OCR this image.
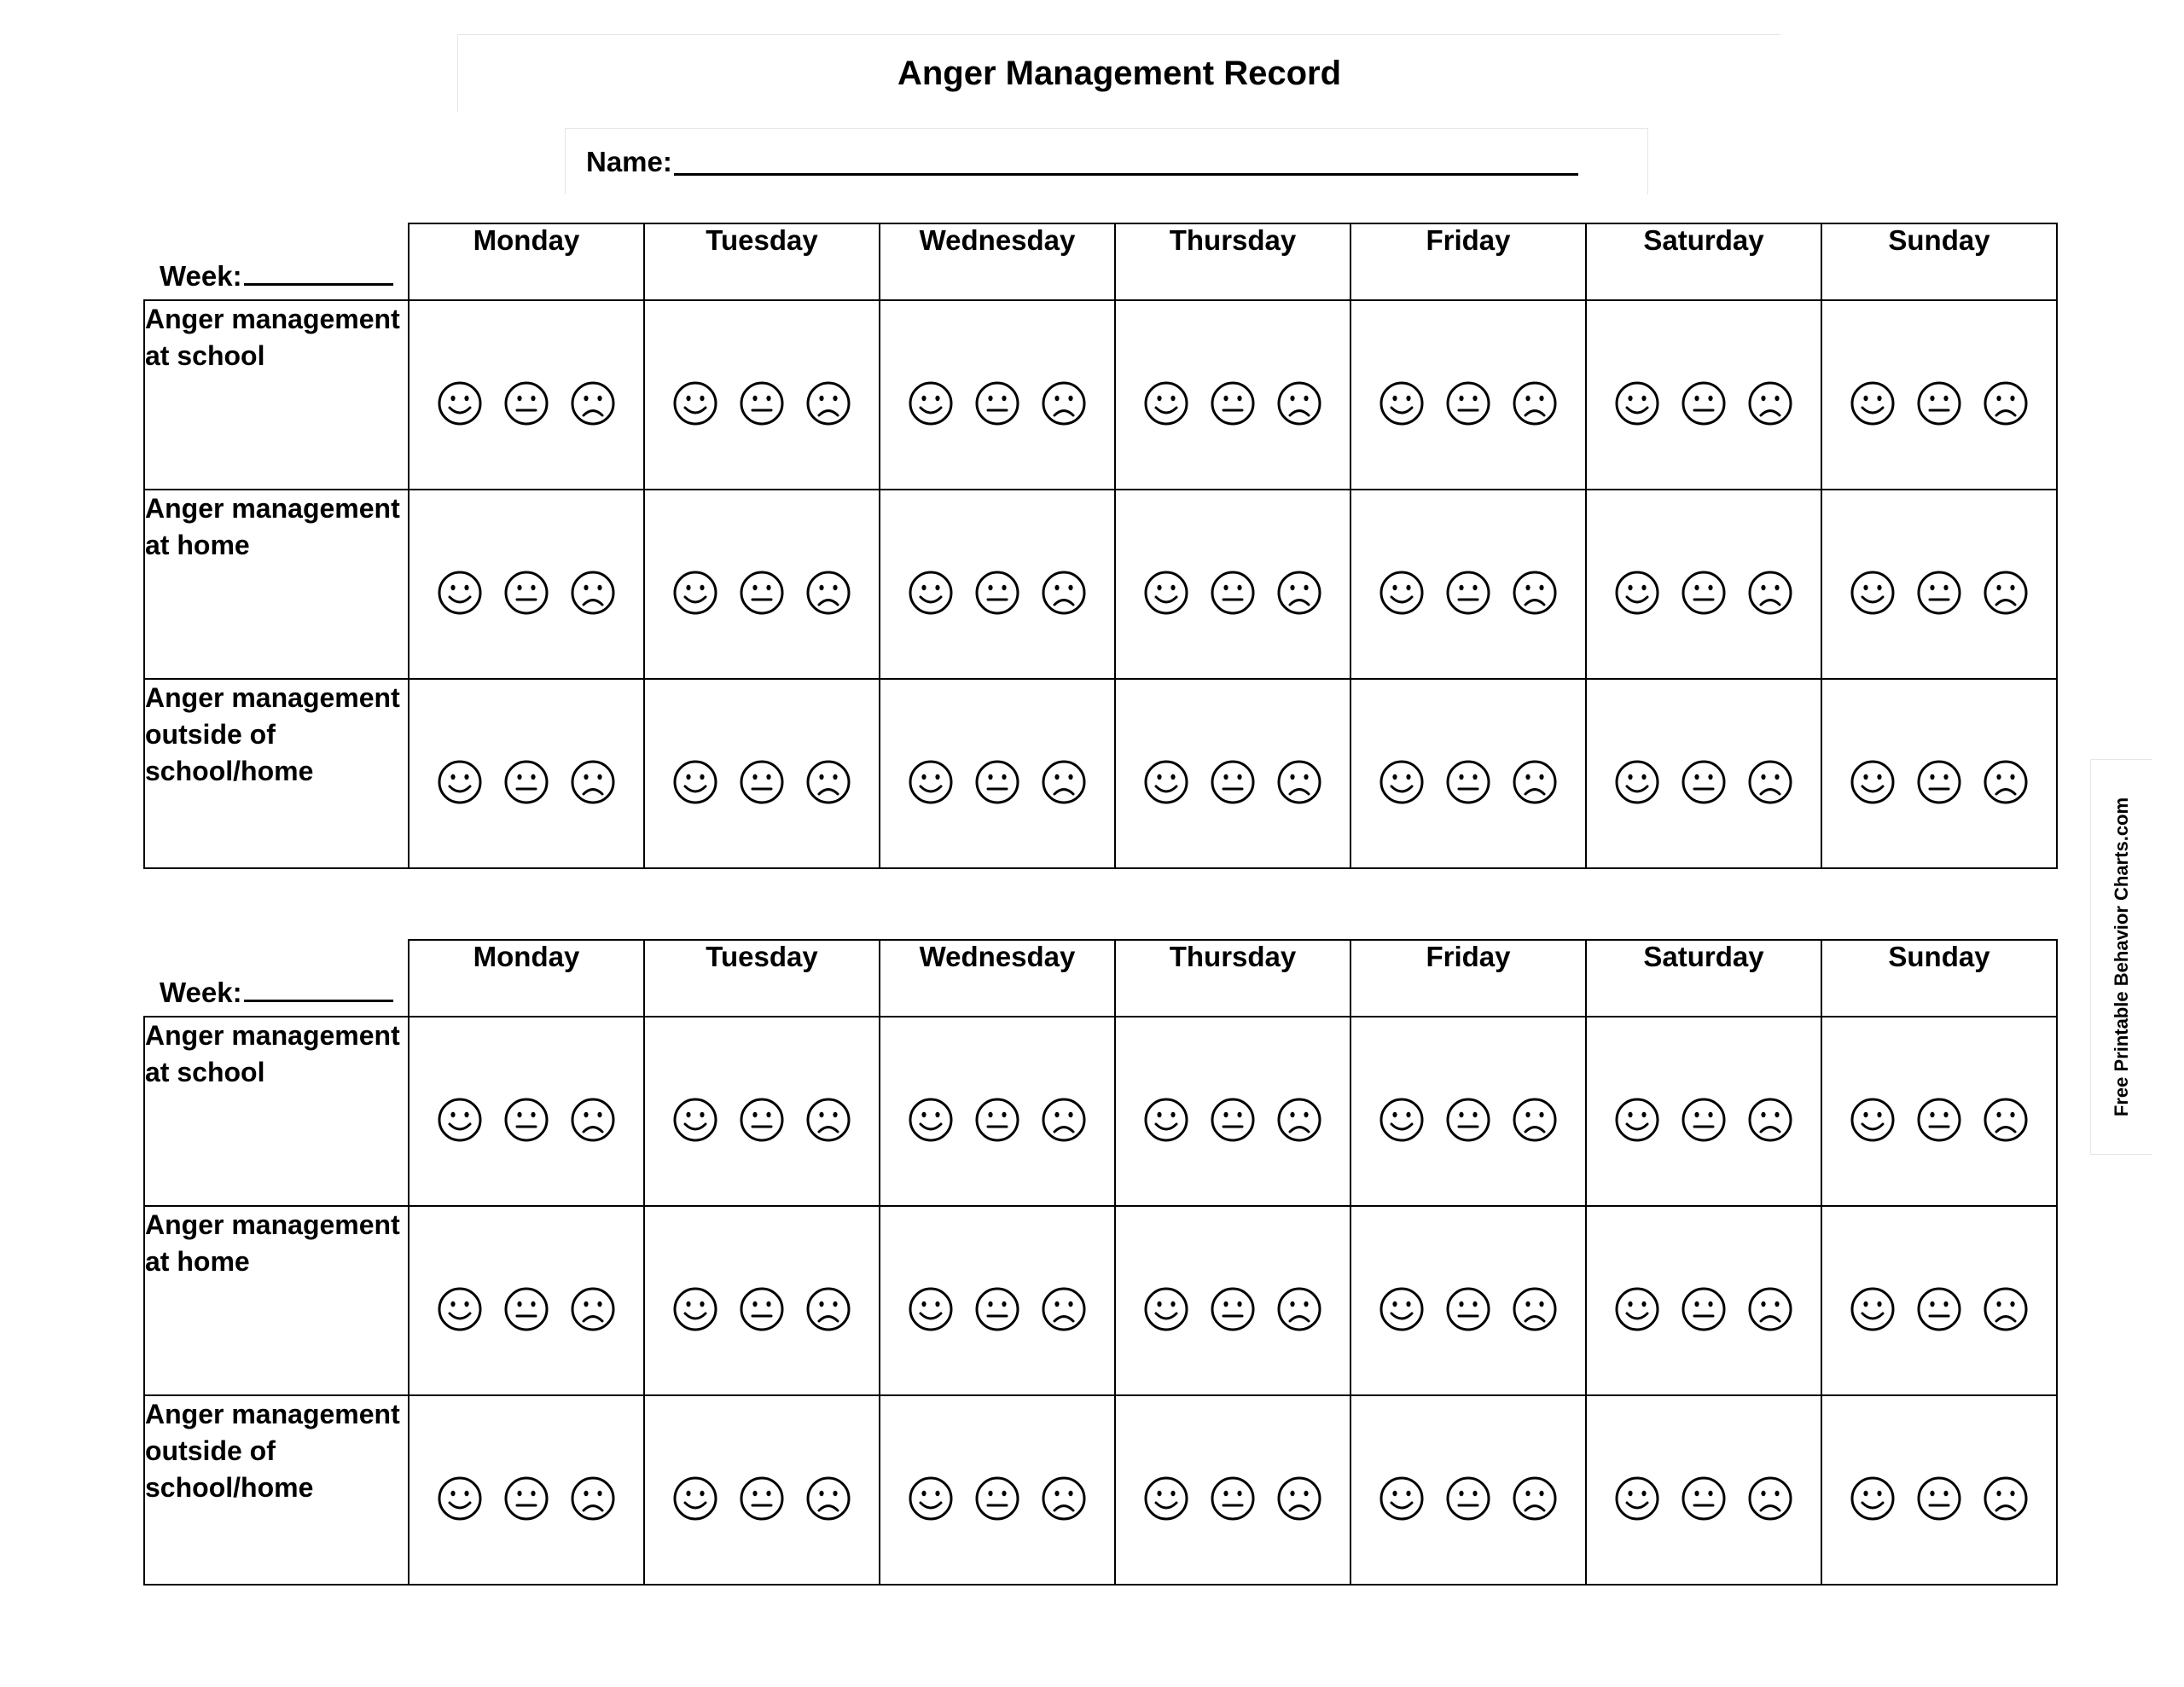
Anger Management Record
Name:
Week:	Monday	Tuesday	Wednesday	Thursday	Friday	Saturday	Sunday
Anger management at school	

Anger management at home	

Anger management outside of school/home	

Week:	Monday	Tuesday	Wednesday	Thursday	Friday	Saturday	Sunday
Anger management at school	

Anger management at home	

Anger management outside of school/home	

Free Printable Behavior Charts.com
